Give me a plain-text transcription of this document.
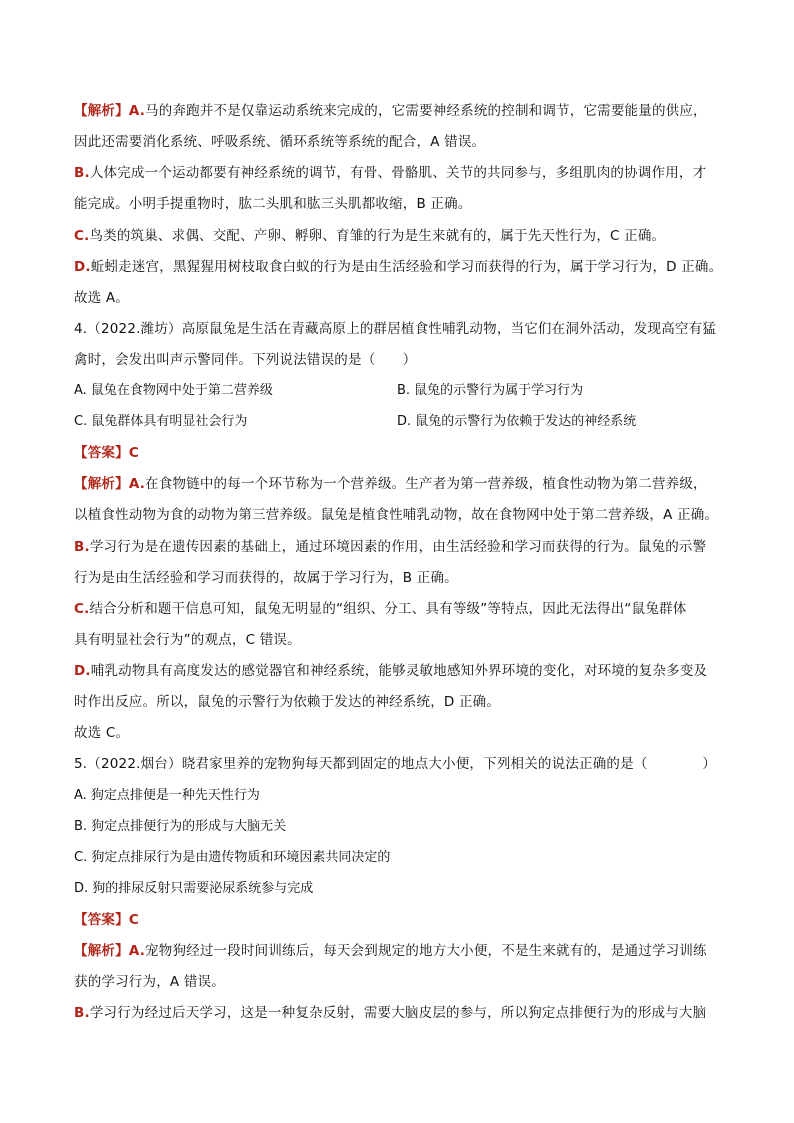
【解析】A.马的奔跑并不是仅靠运动系统来完成的，它需要神经系统的控制和调节，它需要能量的供应，
因此还需要消化系统、呼吸系统、循环系统等系统的配合，A 错误。
B.人体完成一个运动都要有神经系统的调节，有骨、骨骼肌、关节的共同参与，多组肌肉的协调作用，才
能完成。小明手提重物时，肱二头肌和肱三头肌都收缩，B 正确。
C.鸟类的筑巢、求偶、交配、产卵、孵卵、育雏的行为是生来就有的，属于先天性行为，C 正确。
D.蚯蚓走迷宫，黑猩猩用树枝取食白蚁的行为是由生活经验和学习而获得的行为，属于学习行为，D 正确。
故选 A。
4.（2022.潍坊）高原鼠兔是生活在青藏高原上的群居植食性哺乳动物，当它们在洞外活动，发现高空有猛
禽时，会发出叫声示警同伴。下列说法错误的是（　　）
A. 鼠兔在食物网中处于第二营养级	B. 鼠兔的示警行为属于学习行为
C. 鼠兔群体具有明显社会行为	D. 鼠兔的示警行为依赖于发达的神经系统
【答案】C
【解析】A.在食物链中的每一个环节称为一个营养级。生产者为第一营养级，植食性动物为第二营养级，
以植食性动物为食的动物为第三营养级。鼠兔是植食性哺乳动物，故在食物网中处于第二营养级，A 正确。
B.学习行为是在遗传因素的基础上，通过环境因素的作用，由生活经验和学习而获得的行为。鼠兔的示警
行为是由生活经验和学习而获得的，故属于学习行为，B 正确。
C.结合分析和题干信息可知，鼠兔无明显的“组织、分工、具有等级”等特点，因此无法得出“鼠兔群体
具有明显社会行为”的观点，C 错误。
D.哺乳动物具有高度发达的感觉器官和神经系统，能够灵敏地感知外界环境的变化，对环境的复杂多变及
时作出反应。所以，鼠兔的示警行为依赖于发达的神经系统，D 正确。
故选 C。
5.（2022.烟台）晓君家里养的宠物狗每天都到固定的地点大小便，下列相关的说法正确的是（　　　　）
A. 狗定点排便是一种先天性行为
B. 狗定点排便行为的形成与大脑无关
C. 狗定点排尿行为是由遗传物质和环境因素共同决定的
D. 狗的排尿反射只需要泌尿系统参与完成
【答案】C
【解析】A.宠物狗经过一段时间训练后，每天会到规定的地方大小便，不是生来就有的，是通过学习训练
获的学习行为，A 错误。
B.学习行为经过后天学习，这是一种复杂反射，需要大脑皮层的参与，所以狗定点排便行为的形成与大脑
